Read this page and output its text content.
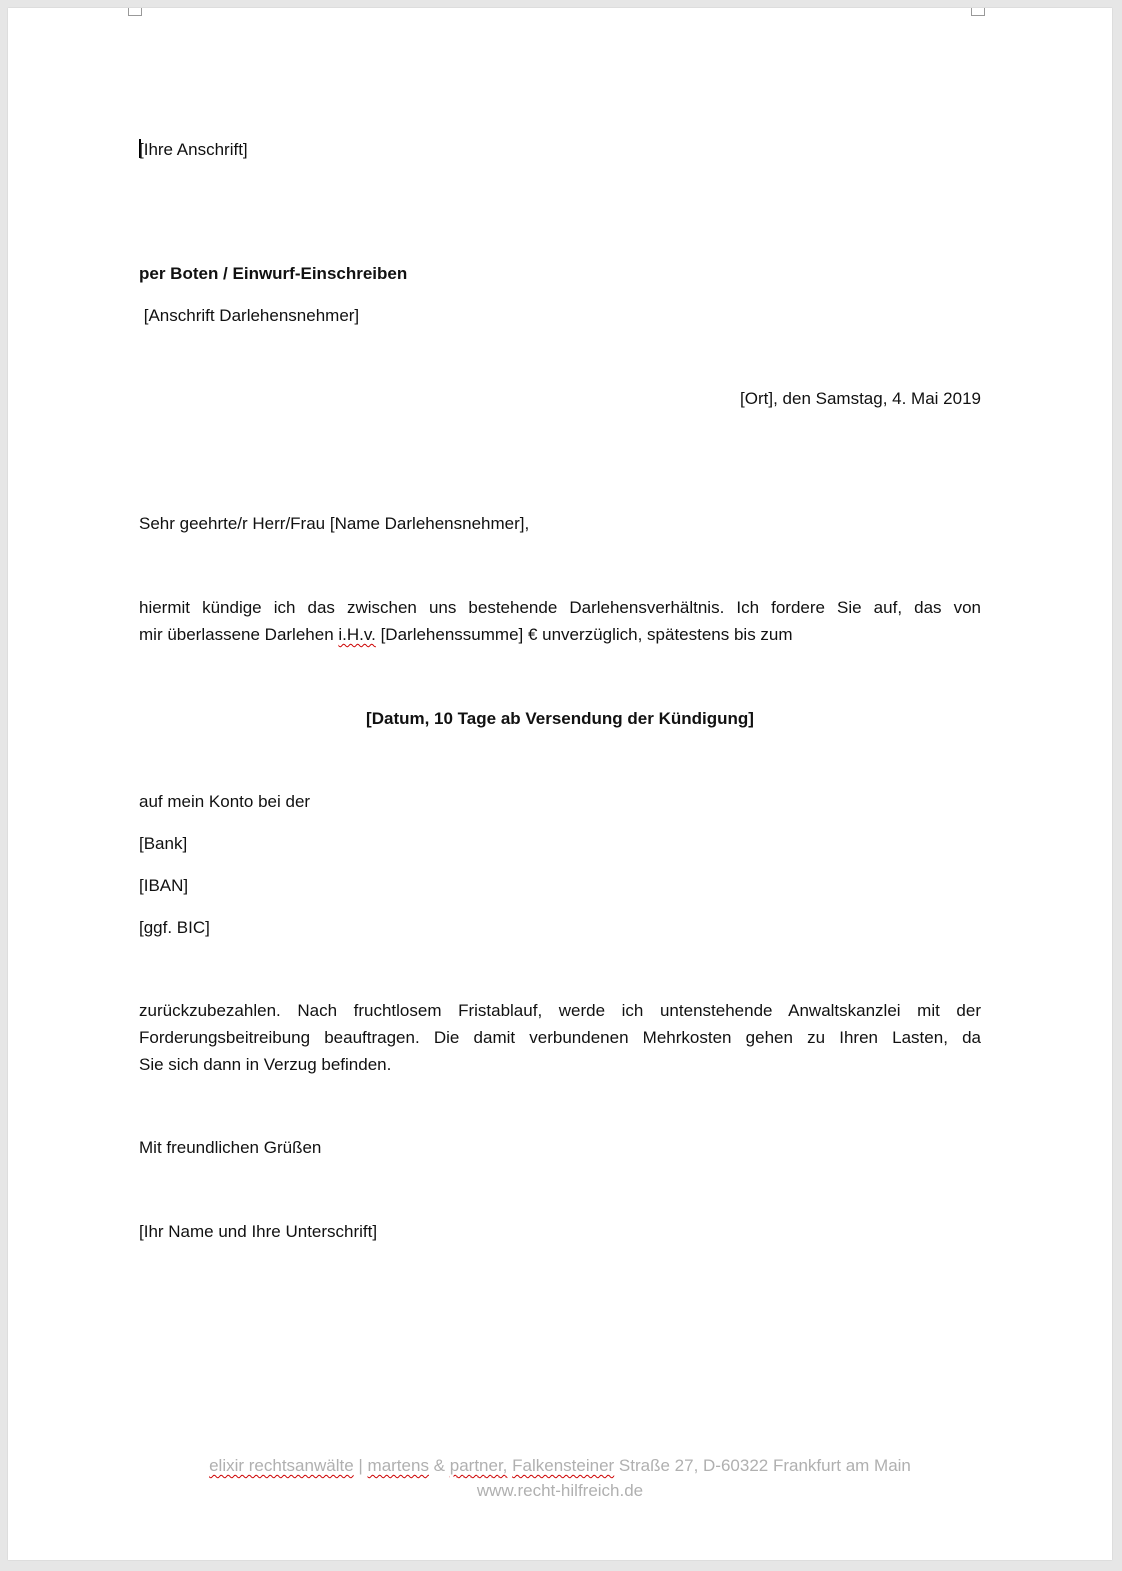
[Ihre Anschrift]
per Boten / Einwurf-Einschreiben
[Anschrift Darlehensnehmer]
[Ort], den Samstag, 4. Mai 2019
Sehr geehrte/r Herr/Frau [Name Darlehensnehmer],
hiermit kündige ich das zwischen uns bestehende Darlehensverhältnis. Ich fordere Sie auf, das von
mir überlassene Darlehen i.H.v. [Darlehenssumme] € unverzüglich, spätestens bis zum
[Datum, 10 Tage ab Versendung der Kündigung]
auf mein Konto bei der
[Bank]
[IBAN]
[ggf. BIC]
zurückzubezahlen. Nach fruchtlosem Fristablauf, werde ich untenstehende Anwaltskanzlei mit der
Forderungsbeitreibung beauftragen. Die damit verbundenen Mehrkosten gehen zu Ihren Lasten, da
Sie sich dann in Verzug befinden.
Mit freundlichen Grüßen
[Ihr Name und Ihre Unterschrift]
elixir rechtsanwälte | martens & partner, Falkensteiner Straße 27, D-60322 Frankfurt am Main
www.recht-hilfreich.de
